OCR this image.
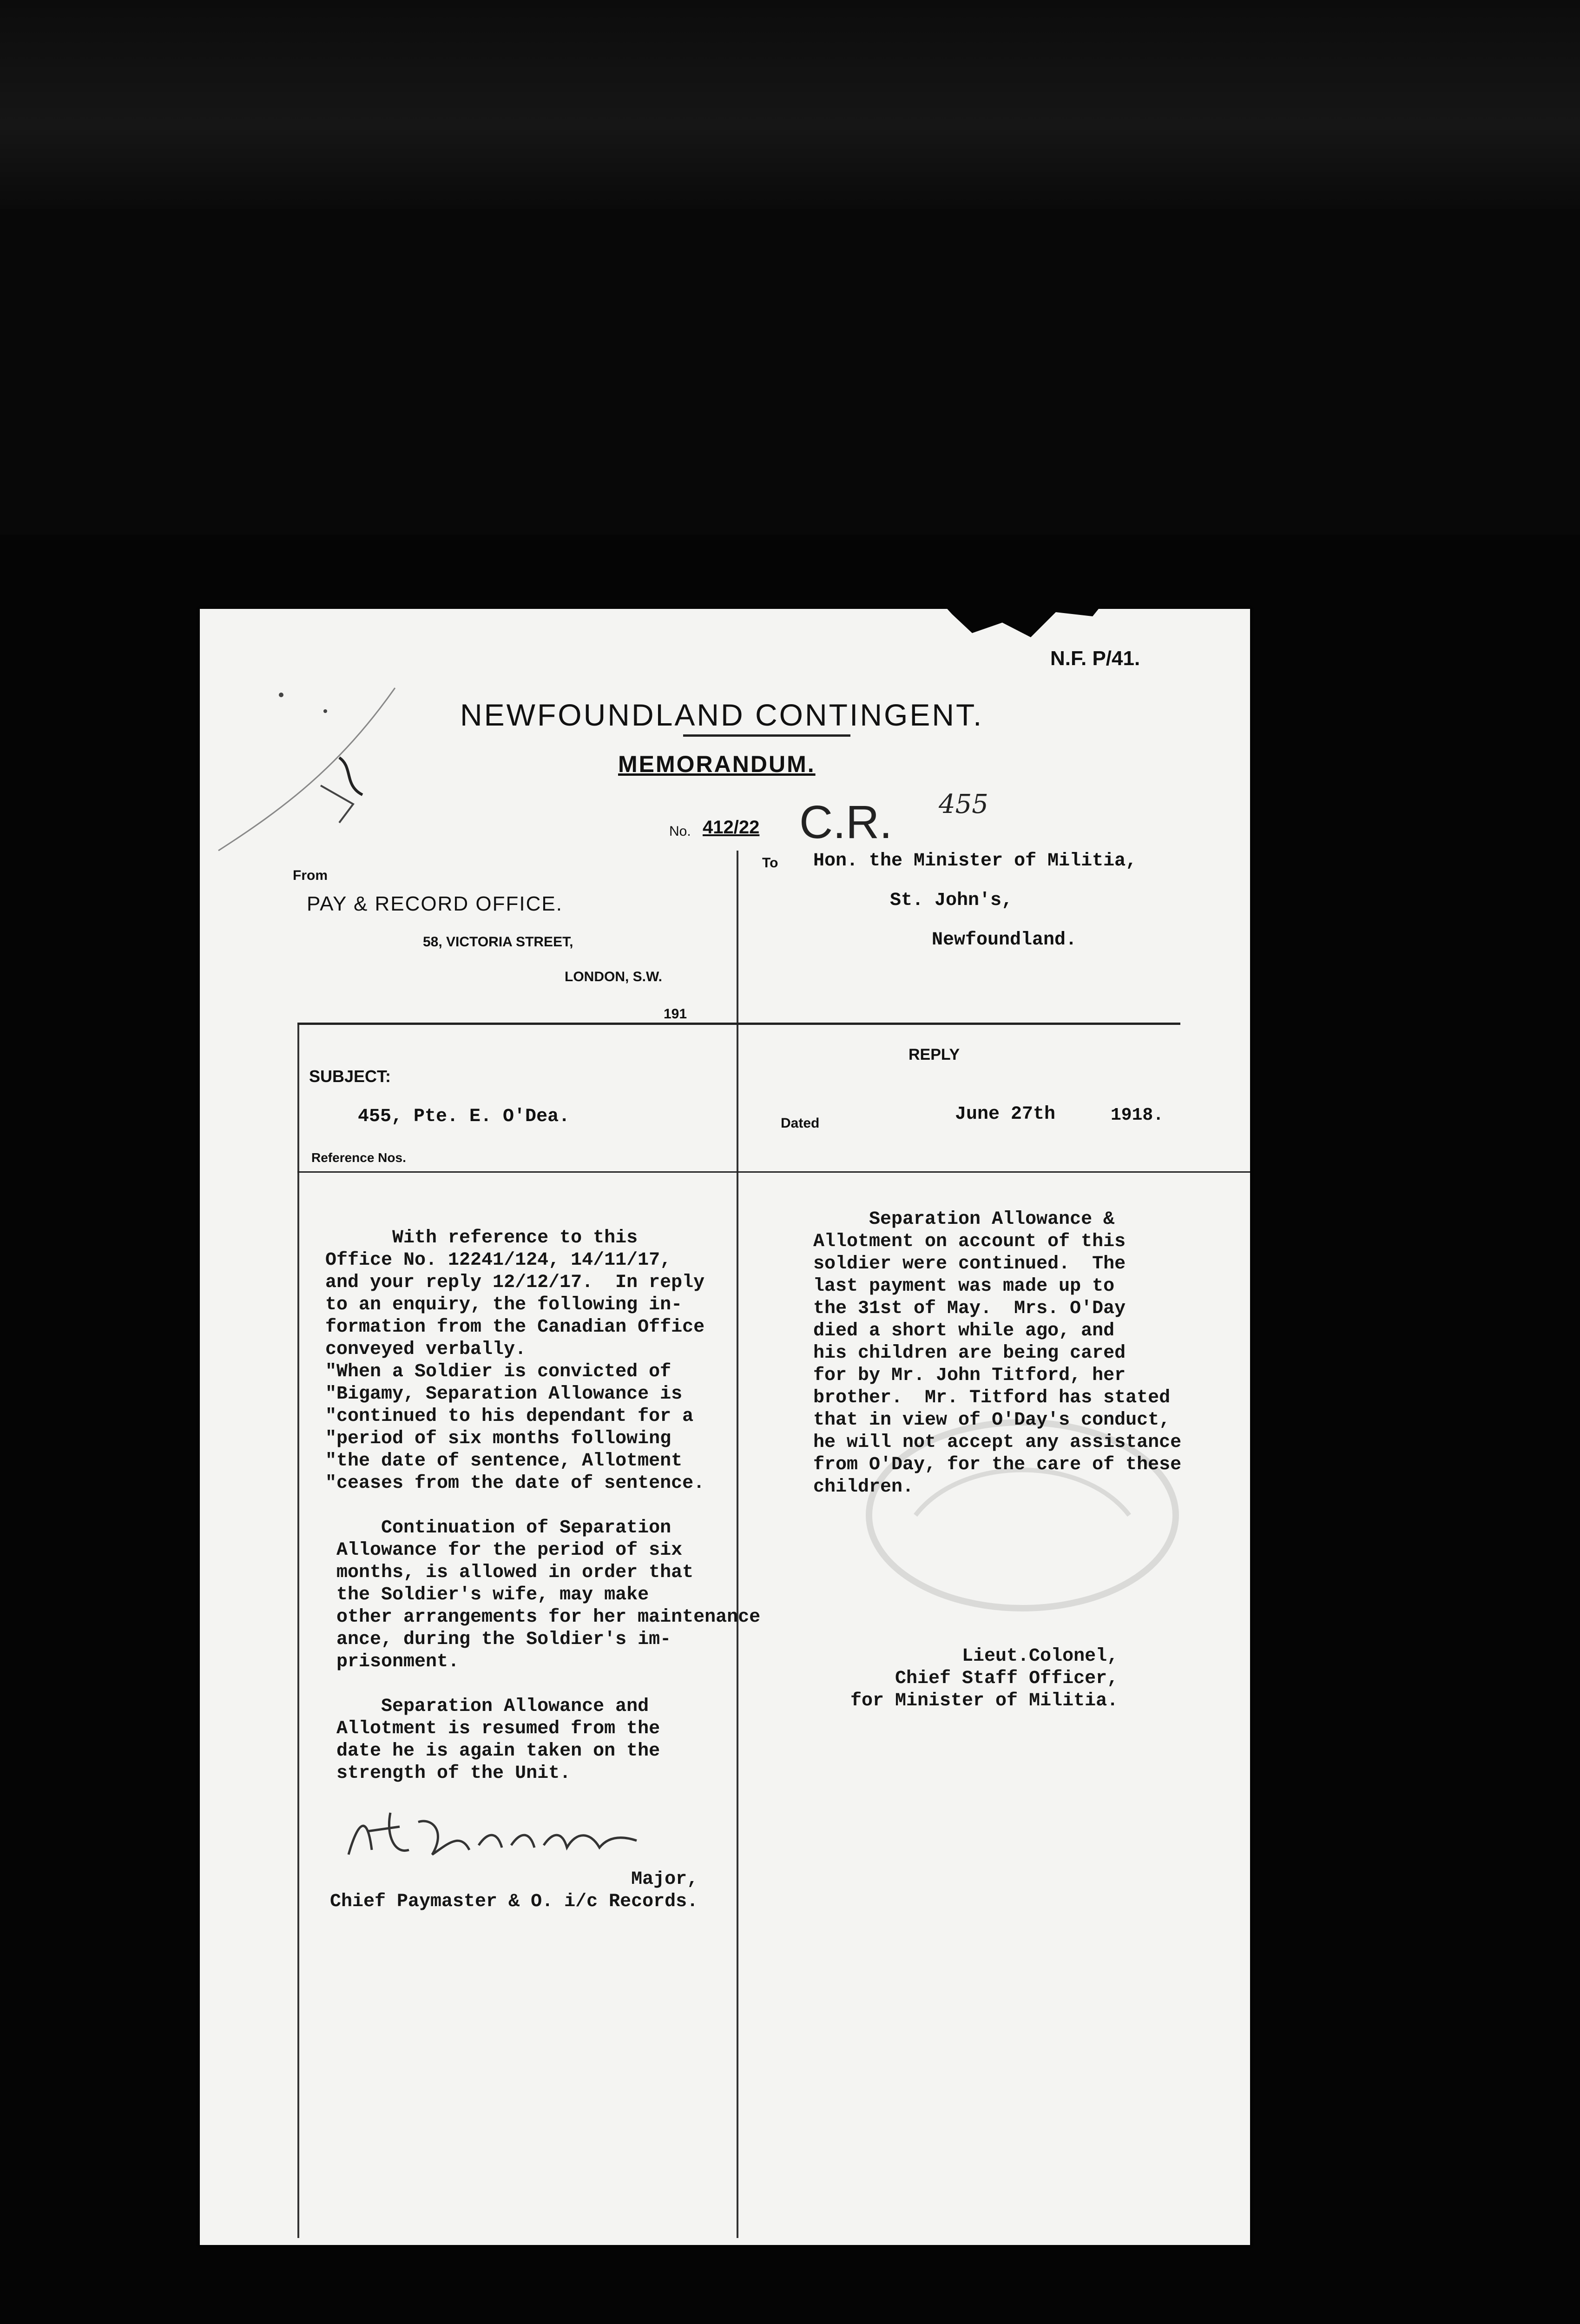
N.F. P/41.
NEWFOUNDLAND CONTINGENT.
MEMORANDUM.
No. 412/22 C.R. 455
From
PAY & RECORD OFFICE.
58, VICTORIA STREET,
LONDON, S.W.
191
To Hon. the Minister of Militia,
St. John's,
Newfoundland.
SUBJECT:
455, Pte. E. O'Dea.
Reference Nos.
REPLY
Dated	June 27th	1918.
With reference to this
Office No. 12241/124, 14/11/17,
and your reply 12/12/17.  In reply
to an enquiry, the following in-
formation from the Canadian Office
conveyed verbally.
"When a Soldier is convicted of
"Bigamy, Separation Allowance is
"continued to his dependant for a
"period of six months following
"the date of sentence, Allotment
"ceases from the date of sentence.

Continuation of Separation
Allowance for the period of six
months, is allowed in order that
the Soldier's wife, may make
other arrangements for her maintenance
ance, during the Soldier's im-
prisonment.

Separation Allowance and
Allotment is resumed from the
date he is again taken on the
strength of the Unit.
Separation Allowance &
Allotment on account of this
soldier were continued.  The
last payment was made up to
the 31st of May.  Mrs. O'Day
died a short while ago, and
his children are being cared
for by Mr. John Titford, her
brother.  Mr. Titford has stated
that in view of O'Day's conduct,
he will not accept any assistance
from O'Day, for the care of these
children.
Lieut.Colonel,
Chief Staff Officer,
for Minister of Militia.
Major,
Chief Paymaster & O. i/c Records.
